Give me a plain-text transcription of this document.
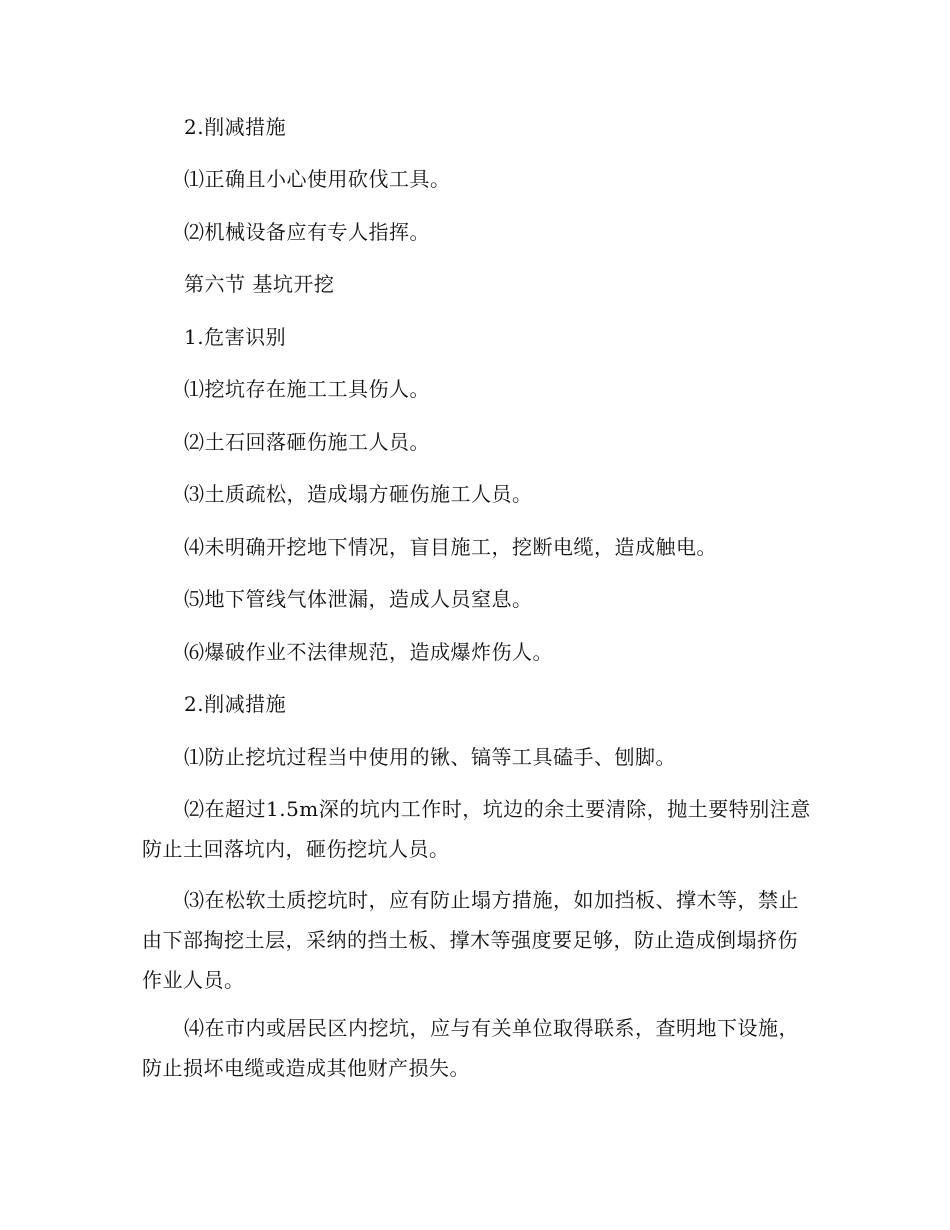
2.削减措施

⑴正确且小心使用砍伐工具。

⑵机械设备应有专人指挥。

第六节 基坑开挖

1.危害识别

⑴挖坑存在施工工具伤人。

⑵土石回落砸伤施工人员。

⑶土质疏松，造成塌方砸伤施工人员。

⑷未明确开挖地下情况，盲目施工，挖断电缆，造成触电。

⑸地下管线气体泄漏，造成人员窒息。

⑹爆破作业不法律规范，造成爆炸伤人。

2.削减措施

⑴防止挖坑过程当中使用的锹、镐等工具磕手、刨脚。

⑵在超过1.5m深的坑内工作时，坑边的余土要清除，抛土要特别注意防止土回落坑内，砸伤挖坑人员。

⑶在松软土质挖坑时，应有防止塌方措施，如加挡板、撑木等，禁止由下部掏挖土层，采纳的挡土板、撑木等强度要足够，防止造成倒塌挤伤作业人员。

⑷在市内或居民区内挖坑，应与有关单位取得联系，查明地下设施，防止损坏电缆或造成其他财产损失。
